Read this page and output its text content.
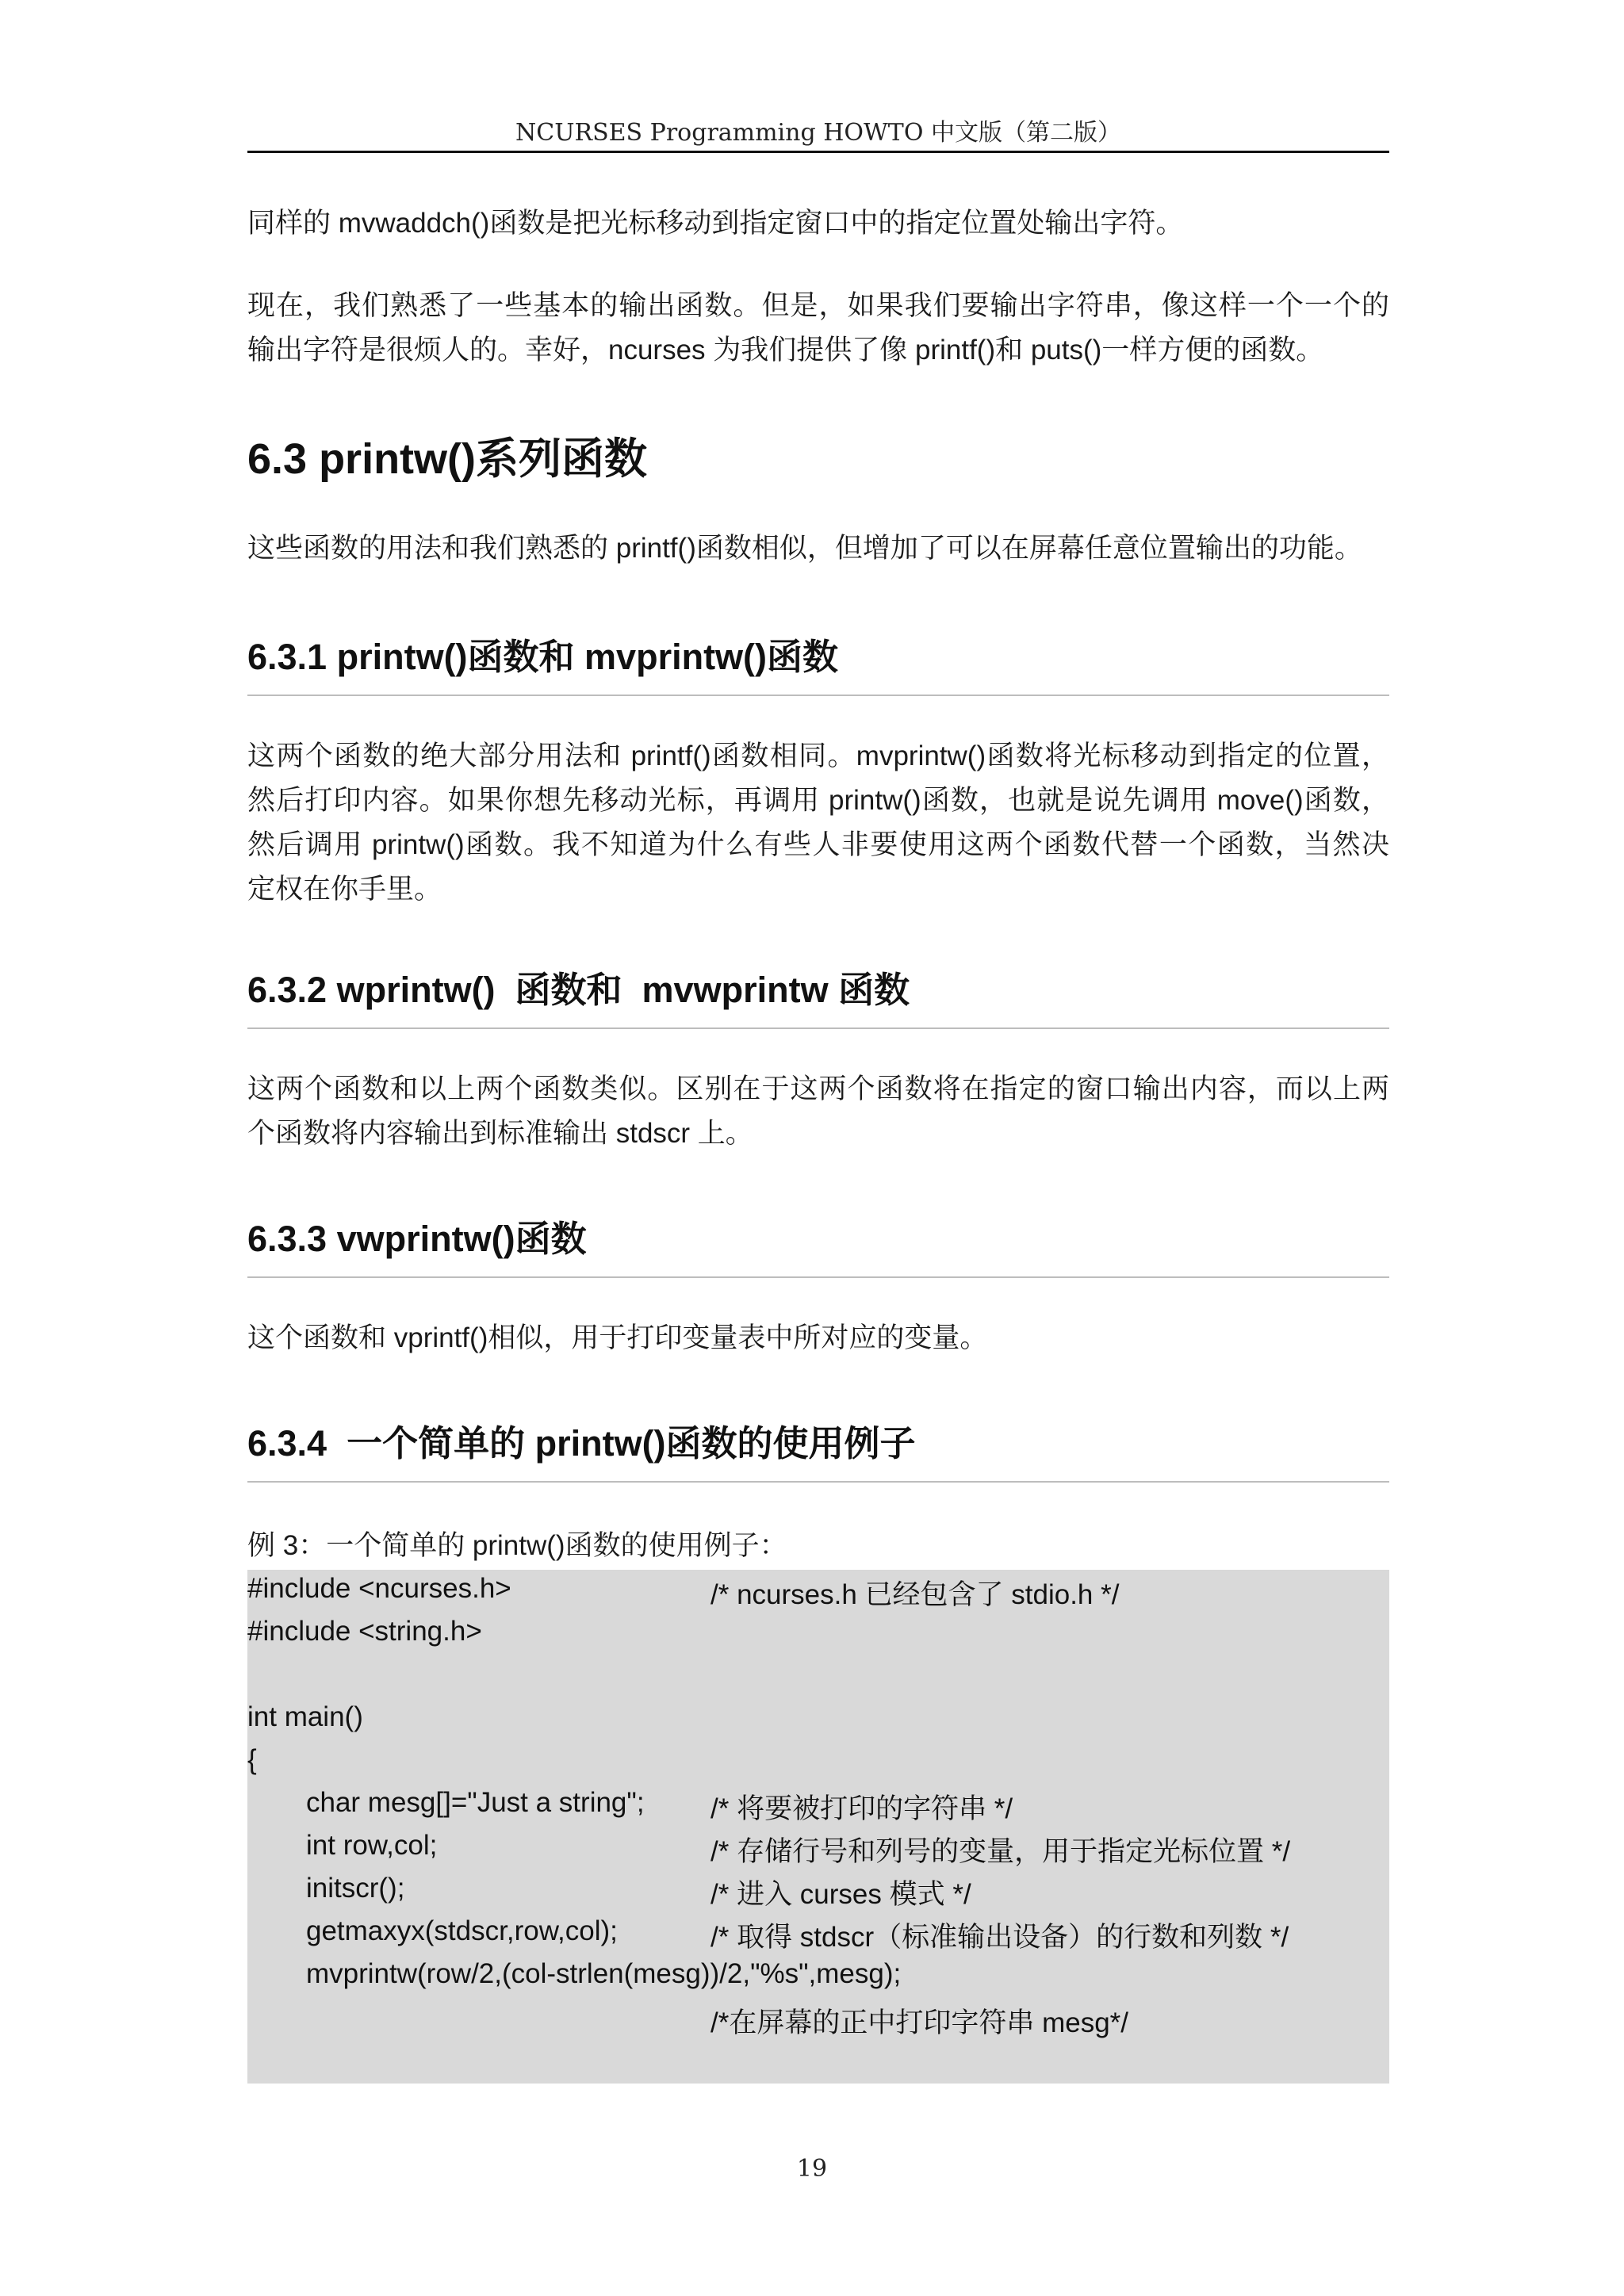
NCURSES Programming HOWTO 中文版（第二版）
同样的 mvwaddch()函数是把光标移动到指定窗口中的指定位置处输出字符。
现在，我们熟悉了一些基本的输出函数。但是，如果我们要输出字符串，像这样一个一个的
输出字符是很烦人的。幸好，ncurses 为我们提供了像 printf()和 puts()一样方便的函数。
6.3 printw()系列函数
这些函数的用法和我们熟悉的 printf()函数相似，但增加了可以在屏幕任意位置输出的功能。
6.3.1 printw()函数和 mvprintw()函数
这两个函数的绝大部分用法和 printf()函数相同。mvprintw()函数将光标移动到指定的位置，
然后打印内容。如果你想先移动光标，再调用 printw()函数，也就是说先调用 move()函数，
然后调用 printw()函数。我不知道为什么有些人非要使用这两个函数代替一个函数，当然决
定权在你手里。
6.3.2 wprintw()  函数和  mvwprintw 函数
这两个函数和以上两个函数类似。区别在于这两个函数将在指定的窗口输出内容，而以上两
个函数将内容输出到标准输出 stdscr 上。
6.3.3 vwprintw()函数
这个函数和 vprintf()相似，用于打印变量表中所对应的变量。
6.3.4  一个简单的 printw()函数的使用例子
例 3：一个简单的 printw()函数的使用例子：
#include <ncurses.h>	/* ncurses.h 已经包含了 stdio.h */
#include <string.h>
int main()
{
char mesg[]="Just a string"; /* 将要被打印的字符串 */
int row,col;	/* 存储行号和列号的变量，用于指定光标位置 */
initscr();	/* 进入 curses 模式 */
getmaxyx(stdscr,row,col);	/* 取得 stdscr（标准输出设备）的行数和列数 */
mvprintw(row/2,(col-strlen(mesg))/2,"%s",mesg);
/*在屏幕的正中打印字符串 mesg*/
19
